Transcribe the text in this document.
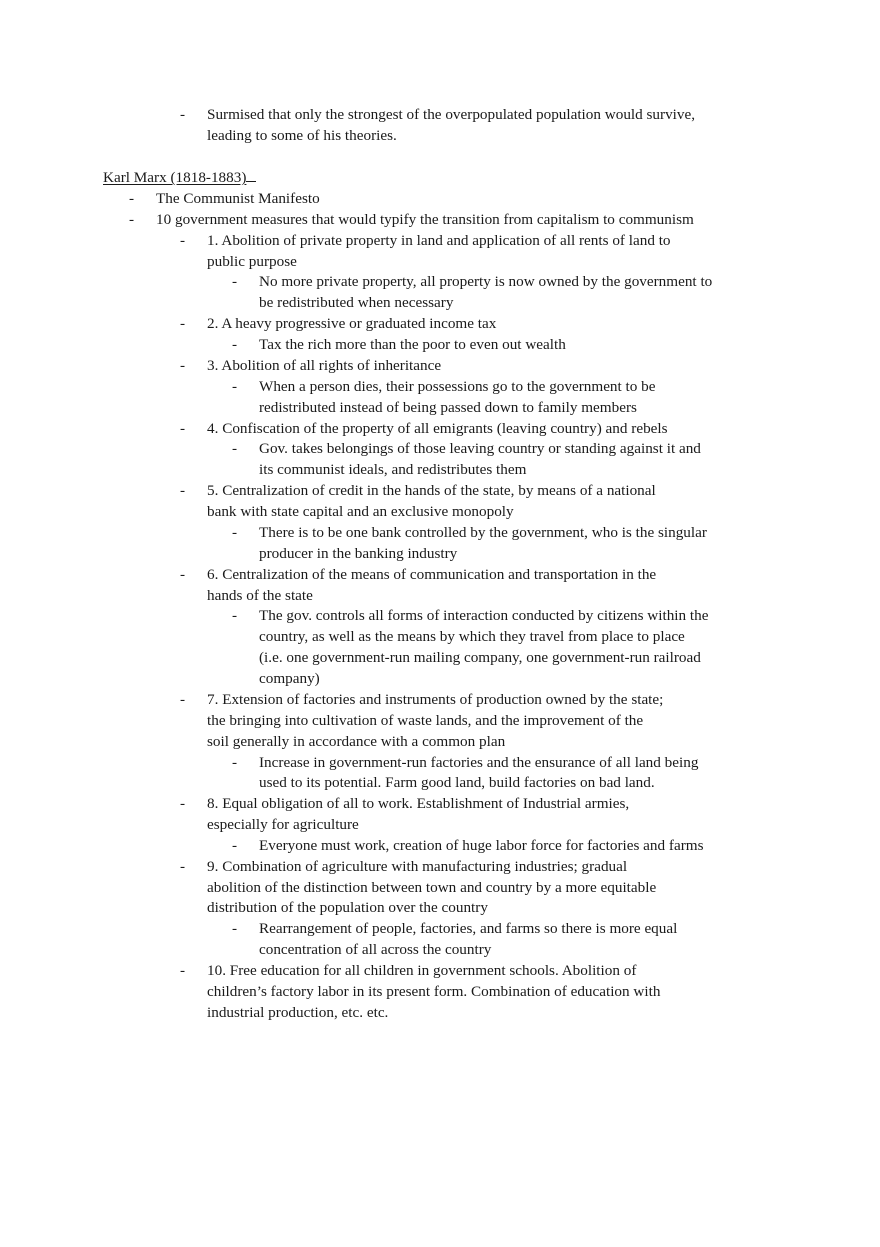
- Surmised that only the strongest of the overpopulated population would survive,
leading to some of his theories.
Karl Marx (1818-1883)
- The Communist Manifesto
- 10 government measures that would typify the transition from capitalism to communism
- 1. Abolition of private property in land and application of all rents of land to
public purpose
- No more private property, all property is now owned by the government to
be redistributed when necessary
- 2. A heavy progressive or graduated income tax
- Tax the rich more than the poor to even out wealth
- 3. Abolition of all rights of inheritance
- When a person dies, their possessions go to the government to be
redistributed instead of being passed down to family members
- 4. Confiscation of the property of all emigrants (leaving country) and rebels
- Gov. takes belongings of those leaving country or standing against it and
its communist ideals, and redistributes them
- 5. Centralization of credit in the hands of the state, by means of a national
bank with state capital and an exclusive monopoly
- There is to be one bank controlled by the government, who is the singular
producer in the banking industry
- 6. Centralization of the means of communication and transportation in the
hands of the state
- The gov. controls all forms of interaction conducted by citizens within the
country, as well as the means by which they travel from place to place
(i.e. one government-run mailing company, one government-run railroad
company)
- 7. Extension of factories and instruments of production owned by the state;
the bringing into cultivation of waste lands, and the improvement of the
soil generally in accordance with a common plan
- Increase in government-run factories and the ensurance of all land being
used to its potential. Farm good land, build factories on bad land.
- 8. Equal obligation of all to work. Establishment of Industrial armies,
especially for agriculture
- Everyone must work, creation of huge labor force for factories and farms
- 9. Combination of agriculture with manufacturing industries; gradual
abolition of the distinction between town and country by a more equitable
distribution of the population over the country
- Rearrangement of people, factories, and farms so there is more equal
concentration of all across the country
- 10. Free education for all children in government schools. Abolition of
children’s factory labor in its present form. Combination of education with
industrial production, etc. etc.
